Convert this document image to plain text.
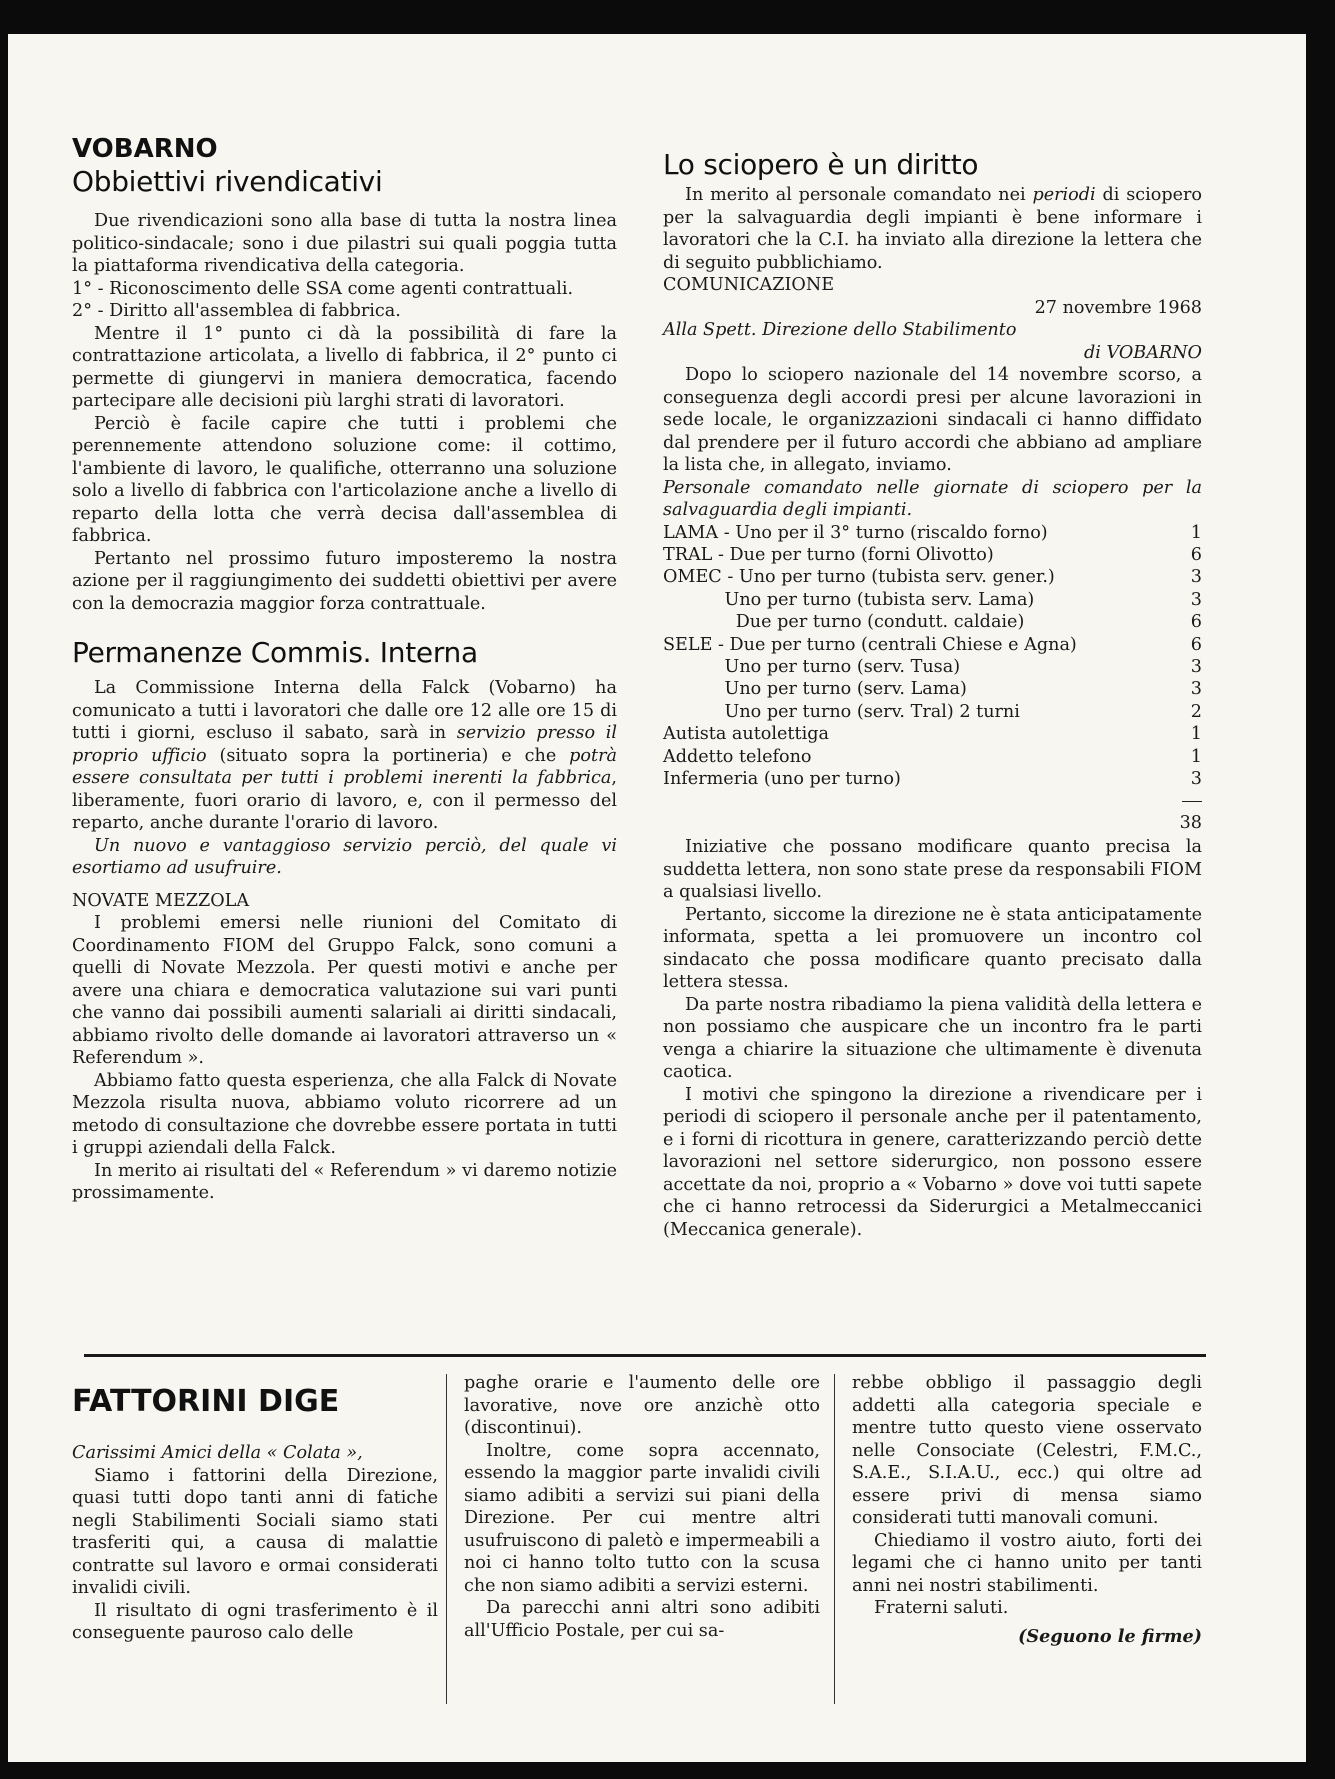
VOBARNO
Obbiettivi rivendicativi

Due rivendicazioni sono alla base di tutta la nostra linea politico-sindacale; sono i due pilastri sui quali poggia tutta la piattaforma rivendicativa della categoria.

1° - Riconoscimento delle SSA come agenti contrattuali.

2° - Diritto all'assemblea di fabbrica.

Mentre il 1° punto ci dà la possibilità di fare la contrattazione articolata, a livello di fabbrica, il 2° punto ci permette di giungervi in maniera democratica, facendo partecipare alle decisioni più larghi strati di lavoratori.

Perciò è facile capire che tutti i problemi che perennemente attendono soluzione come: il cottimo, l'ambiente di lavoro, le qualifiche, otterranno una soluzione solo a livello di fabbrica con l'articolazione anche a livello di reparto della lotta che verrà decisa dall'assemblea di fabbrica.

Pertanto nel prossimo futuro imposteremo la nostra azione per il raggiungimento dei suddetti obiettivi per avere con la democrazia maggior forza contrattuale.

Permanenze Commis. Interna

La Commissione Interna della Falck (Vobarno) ha comunicato a tutti i lavoratori che dalle ore 12 alle ore 15 di tutti i giorni, escluso il sabato, sarà in servizio presso il proprio ufficio (situato sopra la portineria) e che potrà essere consultata per tutti i problemi inerenti la fabbrica, liberamente, fuori orario di lavoro, e, con il permesso del reparto, anche durante l'orario di lavoro.

Un nuovo e vantaggioso servizio perciò, del quale vi esortiamo ad usufruire.

NOVATE MEZZOLA

I problemi emersi nelle riunioni del Comitato di Coordinamento FIOM del Gruppo Falck, sono comuni a quelli di Novate Mezzola. Per questi motivi e anche per avere una chiara e democratica valutazione sui vari punti che vanno dai possibili aumenti salariali ai diritti sindacali, abbiamo rivolto delle domande ai lavoratori attraverso un « Referendum ».

Abbiamo fatto questa esperienza, che alla Falck di Novate Mezzola risulta nuova, abbiamo voluto ricorrere ad un metodo di consultazione che dovrebbe essere portata in tutti i gruppi aziendali della Falck.

In merito ai risultati del « Referendum » vi daremo notizie prossimamente.

Lo sciopero è un diritto

In merito al personale comandato nei periodi di sciopero per la salvaguardia degli impianti è bene informare i lavoratori che la C.I. ha inviato alla direzione la lettera che di seguito pubblichiamo.

COMUNICAZIONE

27 novembre 1968

Alla Spett. Direzione dello Stabilimento

di VOBARNO

Dopo lo sciopero nazionale del 14 novembre scorso, a conseguenza degli accordi presi per alcune lavorazioni in sede locale, le organizzazioni sindacali ci hanno diffidato dal prendere per il futuro accordi che abbiano ad ampliare la lista che, in allegato, inviamo.

Personale comandato nelle giornate di sciopero per la salvaguardia degli impianti.

LAMA - Uno per il 3° turno (riscaldo forno)	1
TRAL - Due per turno (forni Olivotto)	6
OMEC - Uno per turno (tubista serv. gener.)	3
Uno per turno (tubista serv. Lama)	3
Due per turno (condutt. caldaie)	6
SELE - Due per turno (centrali Chiese e Agna)	6
Uno per turno (serv. Tusa)	3
Uno per turno (serv. Lama)	3
Uno per turno (serv. Tral) 2 turni	2
Autista autolettiga	1
Addetto telefono	1
Infermeria (uno per turno)	3

38

Iniziative che possano modificare quanto precisa la suddetta lettera, non sono state prese da responsabili FIOM a qualsiasi livello.

Pertanto, siccome la direzione ne è stata anticipatamente informata, spetta a lei promuovere un incontro col sindacato che possa modificare quanto precisato dalla lettera stessa.

Da parte nostra ribadiamo la piena validità della lettera e non possiamo che auspicare che un incontro fra le parti venga a chiarire la situazione che ultimamente è divenuta caotica.

I motivi che spingono la direzione a rivendicare per i periodi di sciopero il personale anche per il patentamento, e i forni di ricottura in genere, caratterizzando perciò dette lavorazioni nel settore siderurgico, non possono essere accettate da noi, proprio a « Vobarno » dove voi tutti sapete che ci hanno retrocessi da Siderurgici a Metalmeccanici (Meccanica generale).

FATTORINI DIGE

Carissimi Amici della « Colata »,

Siamo i fattorini della Direzione, quasi tutti dopo tanti anni di fatiche negli Stabilimenti Sociali siamo stati trasferiti qui, a causa di malattie contratte sul lavoro e ormai considerati invalidi civili.

Il risultato di ogni trasferimento è il conseguente pauroso calo delle

paghe orarie e l'aumento delle ore lavorative, nove ore anzichè otto (discontinui).

Inoltre, come sopra accennato, essendo la maggior parte invalidi civili siamo adibiti a servizi sui piani della Direzione. Per cui mentre altri usufruiscono di paletò e impermeabili a noi ci hanno tolto tutto con la scusa che non siamo adibiti a servizi esterni.

Da parecchi anni altri sono adibiti all'Ufficio Postale, per cui sa-

rebbe obbligo il passaggio degli addetti alla categoria speciale e mentre tutto questo viene osservato nelle Consociate (Celestri, F.M.C., S.A.E., S.I.A.U., ecc.) qui oltre ad essere privi di mensa siamo considerati tutti manovali comuni.

Chiediamo il vostro aiuto, forti dei legami che ci hanno unito per tanti anni nei nostri stabilimenti.

Fraterni saluti.

(Seguono le firme)
